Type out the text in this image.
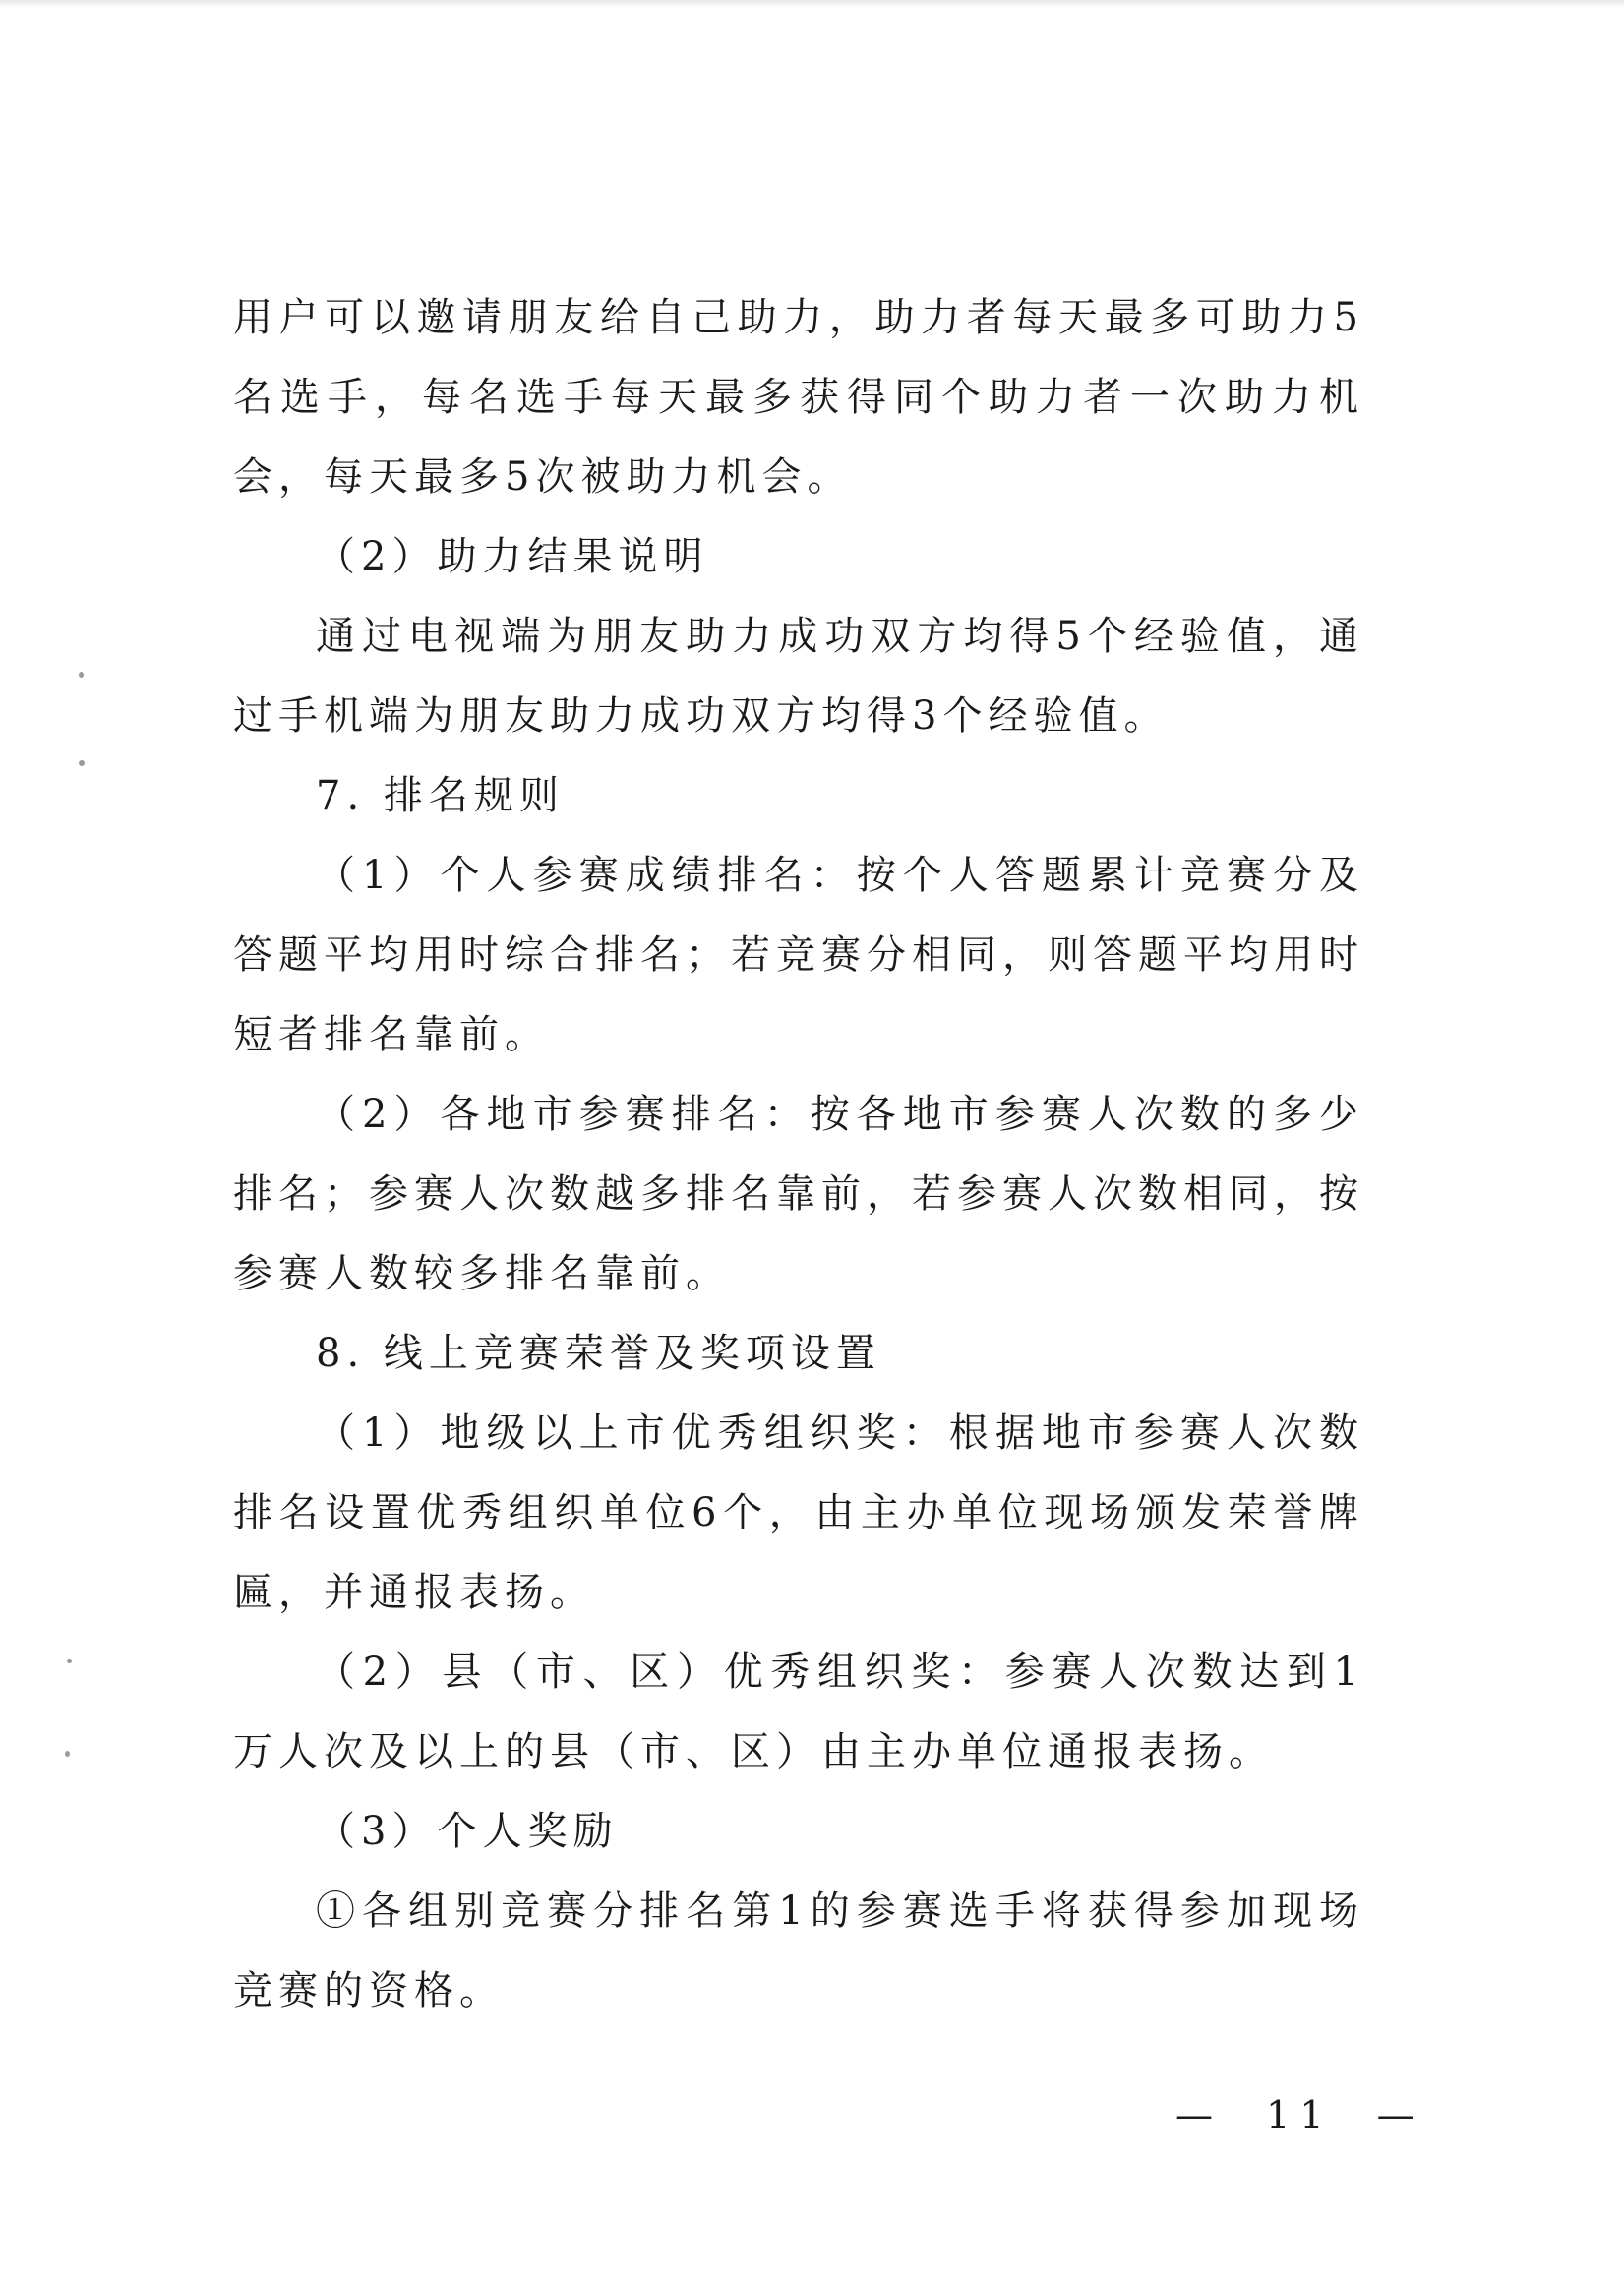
用户可以邀请朋友给自己助力，助力者每天最多可助力5名选手，每名选手每天最多获得同个助力者一次助力机会，每天最多5次被助力机会。

（2）助力结果说明

通过电视端为朋友助力成功双方均得5个经验值，通过手机端为朋友助力成功双方均得3个经验值。

7. 排名规则

（1）个人参赛成绩排名：按个人答题累计竞赛分及答题平均用时综合排名；若竞赛分相同，则答题平均用时短者排名靠前。

（2）各地市参赛排名：按各地市参赛人次数的多少排名；参赛人次数越多排名靠前，若参赛人次数相同，按参赛人数较多排名靠前。

8. 线上竞赛荣誉及奖项设置

（1）地级以上市优秀组织奖：根据地市参赛人次数排名设置优秀组织单位6个，由主办单位现场颁发荣誉牌匾，并通报表扬。

（2）县（市、区）优秀组织奖：参赛人次数达到1万人次及以上的县（市、区）由主办单位通报表扬。

（3）个人奖励

①各组别竞赛分排名第1的参赛选手将获得参加现场竞赛的资格。

—  11  —
